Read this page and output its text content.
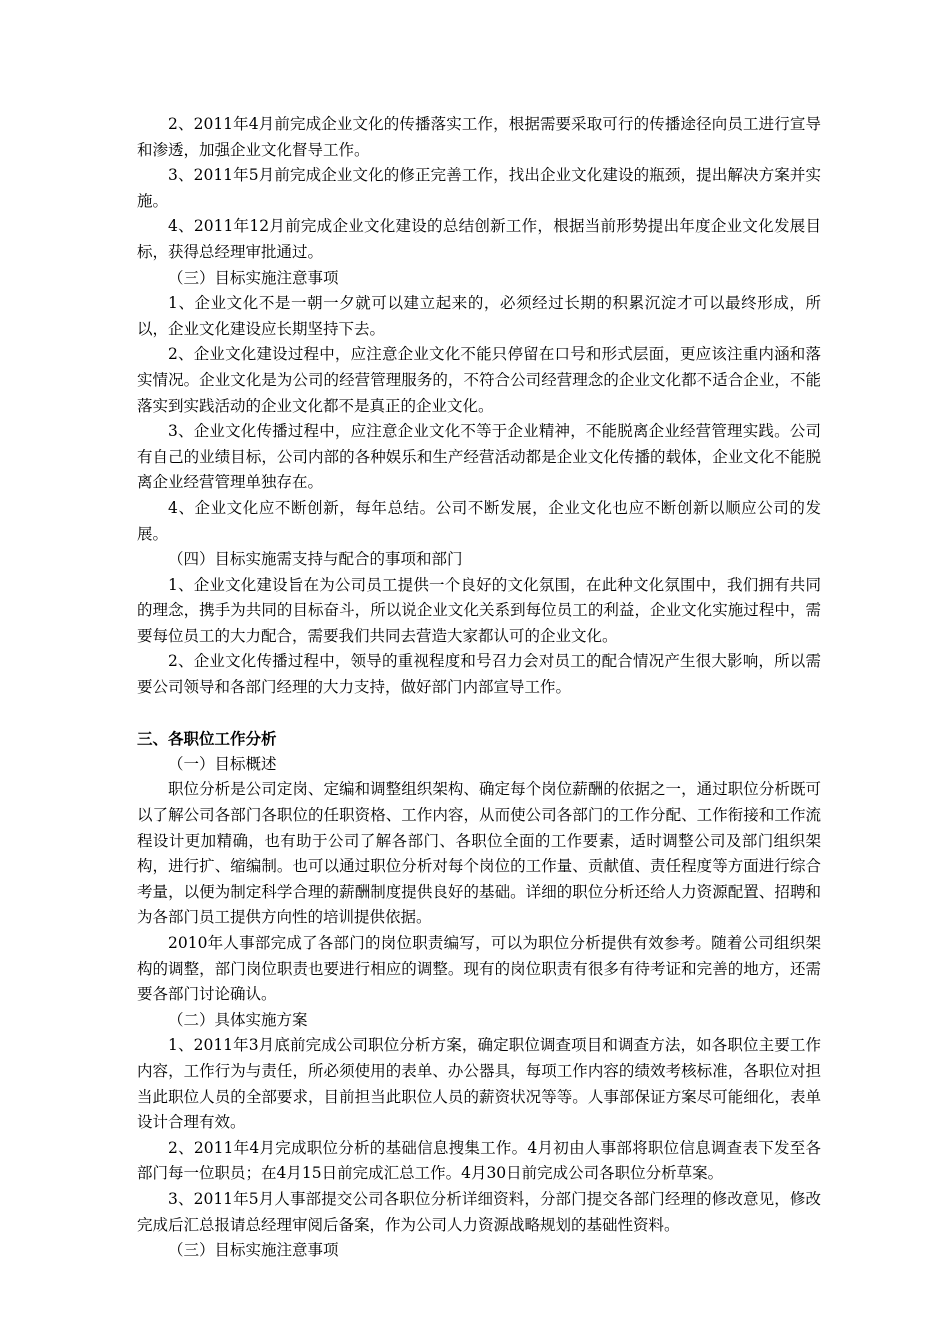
2、2011年4月前完成企业文化的传播落实工作，根据需要采取可行的传播途径向员工进行宣导和渗透，加强企业文化督导工作。

3、2011年5月前完成企业文化的修正完善工作，找出企业文化建设的瓶颈，提出解决方案并实施。

4、2011年12月前完成企业文化建设的总结创新工作，根据当前形势提出年度企业文化发展目标，获得总经理审批通过。

（三）目标实施注意事项

1、企业文化不是一朝一夕就可以建立起来的，必须经过长期的积累沉淀才可以最终形成，所以，企业文化建设应长期坚持下去。

2、企业文化建设过程中，应注意企业文化不能只停留在口号和形式层面，更应该注重内涵和落实情况。企业文化是为公司的经营管理服务的，不符合公司经营理念的企业文化都不适合企业，不能落实到实践活动的企业文化都不是真正的企业文化。

3、企业文化传播过程中，应注意企业文化不等于企业精神，不能脱离企业经营管理实践。公司有自己的业绩目标，公司内部的各种娱乐和生产经营活动都是企业文化传播的载体，企业文化不能脱离企业经营管理单独存在。

4、企业文化应不断创新，每年总结。公司不断发展，企业文化也应不断创新以顺应公司的发展。

（四）目标实施需支持与配合的事项和部门

1、企业文化建设旨在为公司员工提供一个良好的文化氛围，在此种文化氛围中，我们拥有共同的理念，携手为共同的目标奋斗，所以说企业文化关系到每位员工的利益，企业文化实施过程中，需要每位员工的大力配合，需要我们共同去营造大家都认可的企业文化。

2、企业文化传播过程中，领导的重视程度和号召力会对员工的配合情况产生很大影响，所以需要公司领导和各部门经理的大力支持，做好部门内部宣导工作。

三、各职位工作分析

（一）目标概述

职位分析是公司定岗、定编和调整组织架构、确定每个岗位薪酬的依据之一，通过职位分析既可以了解公司各部门各职位的任职资格、工作内容，从而使公司各部门的工作分配、工作衔接和工作流程设计更加精确，也有助于公司了解各部门、各职位全面的工作要素，适时调整公司及部门组织架构，进行扩、缩编制。也可以通过职位分析对每个岗位的工作量、贡献值、责任程度等方面进行综合考量，以便为制定科学合理的薪酬制度提供良好的基础。详细的职位分析还给人力资源配置、招聘和为各部门员工提供方向性的培训提供依据。

2010年人事部完成了各部门的岗位职责编写，可以为职位分析提供有效参考。随着公司组织架构的调整，部门岗位职责也要进行相应的调整。现有的岗位职责有很多有待考证和完善的地方，还需要各部门讨论确认。

（二）具体实施方案

1、2011年3月底前完成公司职位分析方案，确定职位调查项目和调查方法，如各职位主要工作内容，工作行为与责任，所必须使用的表单、办公器具，每项工作内容的绩效考核标准，各职位对担当此职位人员的全部要求，目前担当此职位人员的薪资状况等等。人事部保证方案尽可能细化，表单设计合理有效。

2、2011年4月完成职位分析的基础信息搜集工作。4月初由人事部将职位信息调查表下发至各部门每一位职员；在4月15日前完成汇总工作。4月30日前完成公司各职位分析草案。

3、2011年5月人事部提交公司各职位分析详细资料，分部门提交各部门经理的修改意见，修改完成后汇总报请总经理审阅后备案，作为公司人力资源战略规划的基础性资料。

（三）目标实施注意事项
